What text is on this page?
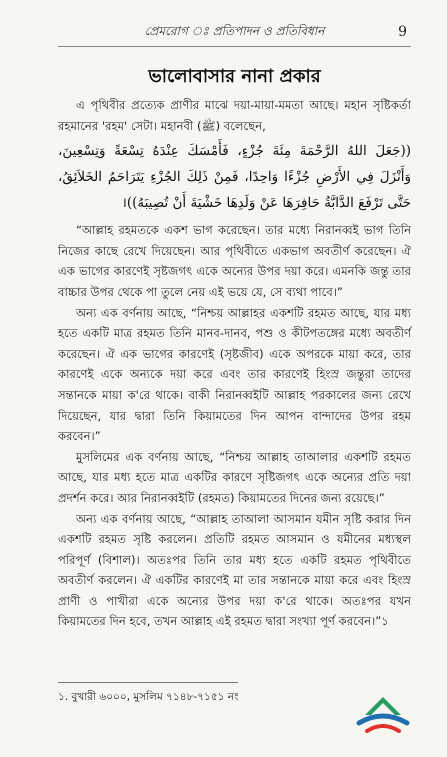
প্রেমরোগ ঃ প্রতিপাদন ও প্রতিবিধান	9
ভালোবাসার নানা প্রকার

এ পৃথিবীর প্রত্যেক প্রাণীর মাঝে দয়া-মায়া-মমতা আছে। মহান সৃষ্টিকর্তা রহমানের 'রহম' সেটা। মহানবী (ﷺ) বলেছেন,

((جَعَلَ اللهُ الرَّحْمَةَ مِئَةَ جُزْءٍ، فَأَمْسَكَ عِنْدَهُ تِسْعَةً وَتِسْعِينَ، وَأَنْزَلَ فِي الأَرْضِ جُزْءًا وَاحِدًا، فَمِنْ ذَلِكَ الجُزْءِ يَتَرَاحَمُ الخَلاَئِقُ، حَتَّى تَرْفَعَ الدَّابَّةُ حَافِرَهَا عَنْ وَلَدِهَا خَشْيَةَ أَنْ تُصِيبَهُ))।

“আল্লাহ রহমতকে একশ ভাগ করেছেন। তার মধ্যে নিরানব্বই ভাগ তিনি নিজের কাছে রেখে দিয়েছেন। আর পৃথিবীতে একভাগ অবতীর্ণ করেছেন। ঐ এক ভাগের কারণেই সৃষ্টজগৎ একে অন্যের উপর দয়া করে। এমনকি জন্তু তার বাচ্চার উপর থেকে পা তুলে নেয় এই ভয়ে যে, সে ব্যথা পাবে।”

অন্য এক বর্ণনায় আছে, “নিশ্চয় আল্লাহর একশটি রহমত আছে, যার মধ্য হতে একটি মাত্র রহমত তিনি মানব-দানব, পশু ও কীটপতঙ্গের মধ্যে অবতীর্ণ করেছেন। ঐ এক ভাগের কারণেই (সৃষ্টজীব) একে অপরকে মায়া করে, তার কারণেই একে অন্যকে দয়া করে এবং তার কারণেই হিংস্র জন্তুরা তাদের সন্তানকে মায়া ক'রে থাকে। বাকী নিরানব্বইটি আল্লাহ পরকালের জন্য রেখে দিয়েছেন, যার দ্বারা তিনি কিয়ামতের দিন আপন বান্দাদের উপর রহম করবেন।”

মুসলিমের এক বর্ণনায় আছে, “নিশ্চয় আল্লাহ তাআলার একশটি রহমত আছে, যার মধ্য হতে মাত্র একটির কারণে সৃষ্টিজগৎ একে অন্যের প্রতি দয়া প্রদর্শন করে। আর নিরানব্বইটি (রহমত) কিয়ামতের দিনের জন্য রয়েছে।”

অন্য এক বর্ণনায় আছে, “আল্লাহ তাআলা আসমান যমীন সৃষ্টি করার দিন একশটি রহমত সৃষ্টি করলেন। প্রতিটি রহমত আসমান ও যমীনের মধ্যস্থল পরিপূর্ণ (বিশাল)। অতঃপর তিনি তার মধ্য হতে একটি রহমত পৃথিবীতে অবতীর্ণ করলেন। ঐ একটির কারণেই মা তার সন্তানকে মায়া করে এবং হিংস্র প্রাণী ও পাখীরা একে অন্যের উপর দয়া ক'রে থাকে। অতঃপর যখন কিয়ামতের দিন হবে, তখন আল্লাহ এই রহমত দ্বারা সংখ্যা পূর্ণ করবেন।”১

১. বুখারী ৬০০০, মুসলিম ৭১৪৮-৭১৫১ নং
